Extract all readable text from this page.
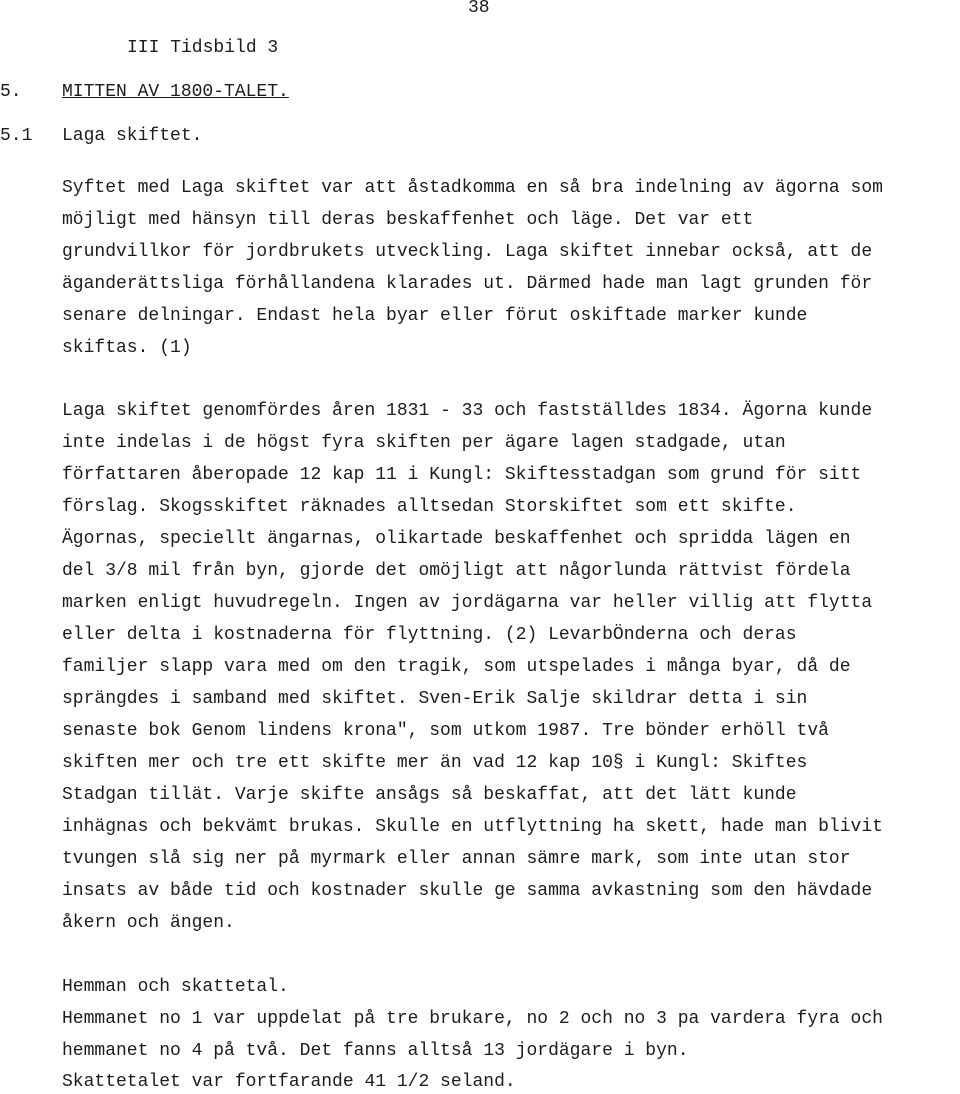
38
III Tidsbild 3
5. MITTEN AV 1800-TALET.
5.1 Laga skiftet.
Syftet med Laga skiftet var att åstadkomma en så bra indelning av ägorna som
möjligt med hänsyn till deras beskaffenhet och läge. Det var ett
grundvillkor för jordbrukets utveckling. Laga skiftet innebar också, att de
äganderättsliga förhållandena klarades ut. Därmed hade man lagt grunden för
senare delningar. Endast hela byar eller förut oskiftade marker kunde
skiftas. (1)
Laga skiftet genomfördes åren 1831 - 33 och fastställdes 1834. Ägorna kunde
inte indelas i de högst fyra skiften per ägare lagen stadgade, utan
författaren åberopade 12 kap 11 i Kungl: Skiftesstadgan som grund för sitt
förslag. Skogsskiftet räknades alltsedan Storskiftet som ett skifte.
Ägornas, speciellt ängarnas, olikartade beskaffenhet och spridda lägen en
del 3/8 mil från byn, gjorde det omöjligt att någorlunda rättvist fördela
marken enligt huvudregeln. Ingen av jordägarna var heller villig att flytta
eller delta i kostnaderna för flyttning. (2) LevarbÖnderna och deras
familjer slapp vara med om den tragik, som utspelades i många byar, då de
sprängdes i samband med skiftet. Sven-Erik Salje skildrar detta i sin
senaste bok Genom lindens krona", som utkom 1987. Tre bönder erhöll två
skiften mer och tre ett skifte mer än vad 12 kap 10§ i Kungl: Skiftes
Stadgan tillät. Varje skifte ansågs så beskaffat, att det lätt kunde
inhägnas och bekvämt brukas. Skulle en utflyttning ha skett, hade man blivit
tvungen slå sig ner på myrmark eller annan sämre mark, som inte utan stor
insats av både tid och kostnader skulle ge samma avkastning som den hävdade
åkern och ängen.
Hemman och skattetal.
Hemmanet no 1 var uppdelat på tre brukare, no 2 och no 3 pa vardera fyra och
hemmanet no 4 på två. Det fanns alltså 13 jordägare i byn.
Skattetalet var fortfarande 41 1/2 seland.
